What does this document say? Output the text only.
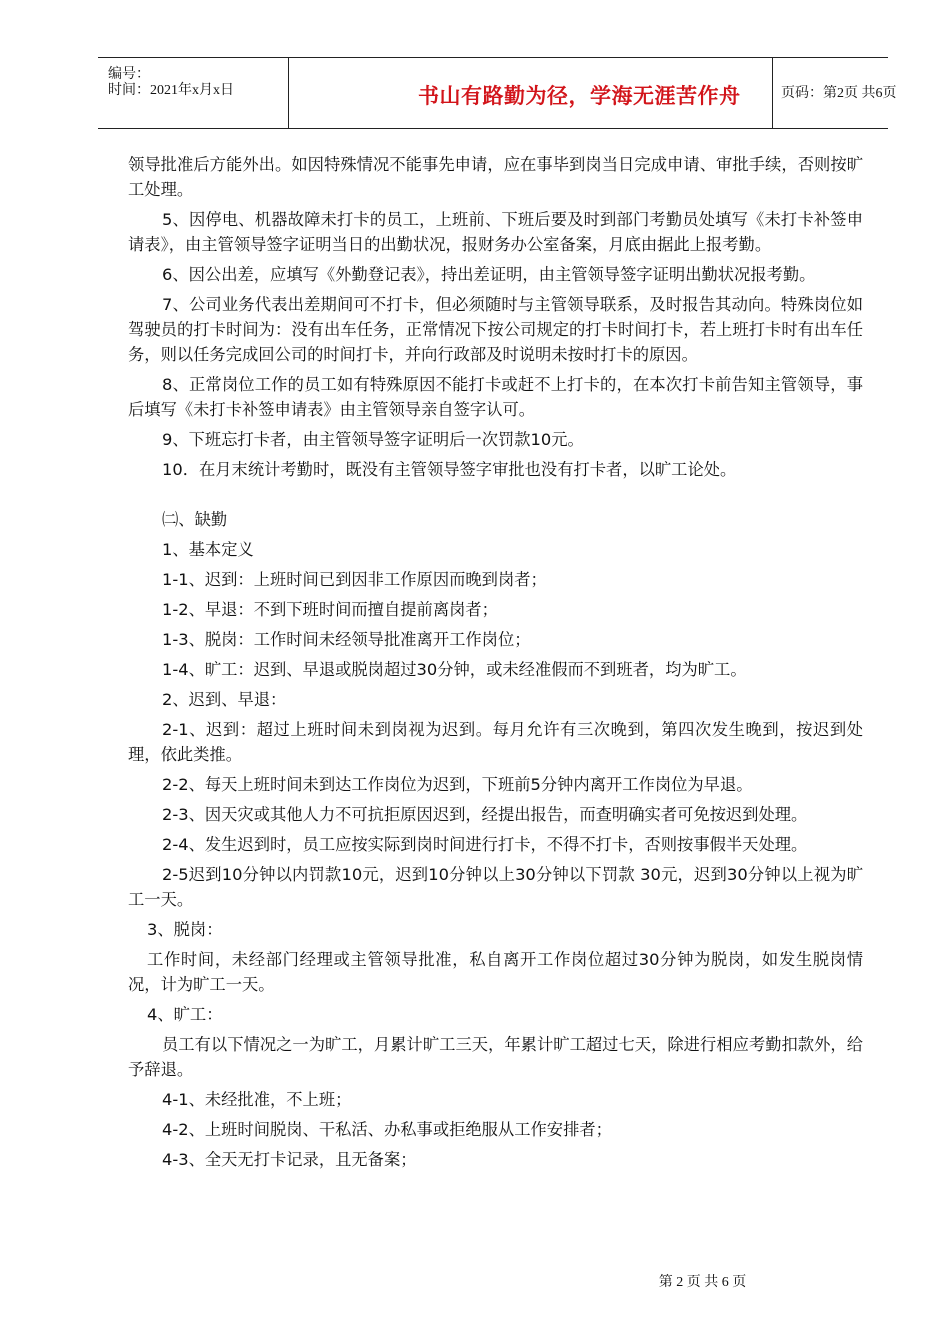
编号：
时间：2021年x月x日	书山有路勤为径，学海无涯苦作舟	页码：第2页 共6页
领导批准后方能外出。如因特殊情况不能事先申请，应在事毕到岗当日完成申请、审批手续，否则按旷工处理。
5、因停电、机器故障未打卡的员工，上班前、下班后要及时到部门考勤员处填写《未打卡补签申请表》，由主管领导签字证明当日的出勤状况，报财务办公室备案，月底由据此上报考勤。
6、因公出差，应填写《外勤登记表》，持出差证明，由主管领导签字证明出勤状况报考勤。
7、公司业务代表出差期间可不打卡，但必须随时与主管领导联系，及时报告其动向。特殊岗位如驾驶员的打卡时间为：没有出车任务，正常情况下按公司规定的打卡时间打卡，若上班打卡时有出车任务，则以任务完成回公司的时间打卡，并向行政部及时说明未按时打卡的原因。
8、正常岗位工作的员工如有特殊原因不能打卡或赶不上打卡的，在本次打卡前告知主管领导，事后填写《未打卡补签申请表》由主管领导亲自签字认可。
9、下班忘打卡者，由主管领导签字证明后一次罚款10元。
10．在月末统计考勤时，既没有主管领导签字审批也没有打卡者，以旷工论处。
㈡、缺勤
1、基本定义
1-1、迟到：上班时间已到因非工作原因而晚到岗者；
1-2、早退：不到下班时间而擅自提前离岗者；
1-3、脱岗：工作时间未经领导批准离开工作岗位；
1-4、旷工：迟到、早退或脱岗超过30分钟，或未经准假而不到班者，均为旷工。
2、迟到、早退：
2-1、迟到：超过上班时间未到岗视为迟到。每月允许有三次晚到，第四次发生晚到，按迟到处理，依此类推。
2-2、每天上班时间未到达工作岗位为迟到，下班前5分钟内离开工作岗位为早退。
2-3、因天灾或其他人力不可抗拒原因迟到，经提出报告，而查明确实者可免按迟到处理。
2-4、发生迟到时，员工应按实际到岗时间进行打卡，不得不打卡，否则按事假半天处理。
2-5迟到10分钟以内罚款10元，迟到10分钟以上30分钟以下罚款 30元，迟到30分钟以上视为旷工一天。
3、脱岗：
工作时间，未经部门经理或主管领导批准，私自离开工作岗位超过30分钟为脱岗，如发生脱岗情况，计为旷工一天。
4、旷工：
员工有以下情况之一为旷工，月累计旷工三天，年累计旷工超过七天，除进行相应考勤扣款外，给予辞退。
4-1、未经批准，不上班；
4-2、上班时间脱岗、干私活、办私事或拒绝服从工作安排者；
4-3、全天无打卡记录，且无备案；
第 2 页 共 6 页
